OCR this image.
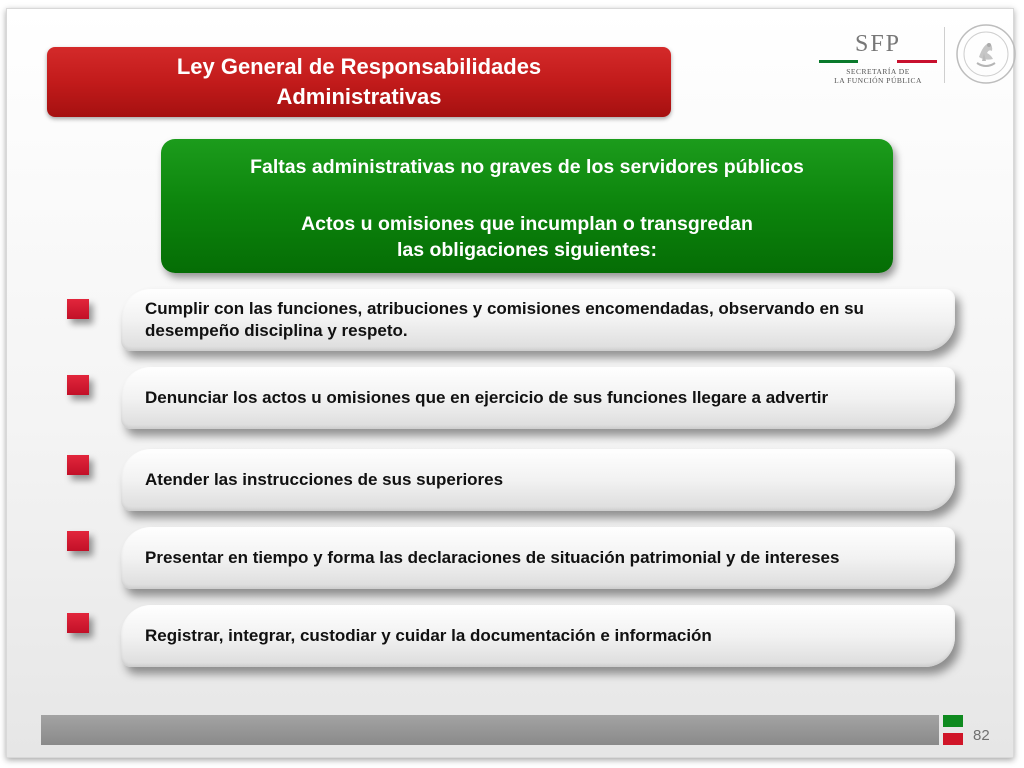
Ley General de Responsabilidades
Administrativas
SFP
SECRETARÍA DE
LA FUNCIÓN PÚBLICA
Faltas administrativas no graves de los servidores públicos
Actos u omisiones que incumplan o transgredan
las obligaciones siguientes:
Cumplir con las funciones, atribuciones y comisiones encomendadas, observando en su desempeño disciplina y respeto.
Denunciar los actos u omisiones que en ejercicio de sus funciones llegare a advertir
Atender las instrucciones de sus superiores
Presentar en tiempo y forma las declaraciones de situación patrimonial y de intereses
Registrar, integrar, custodiar y cuidar la documentación e información
82
